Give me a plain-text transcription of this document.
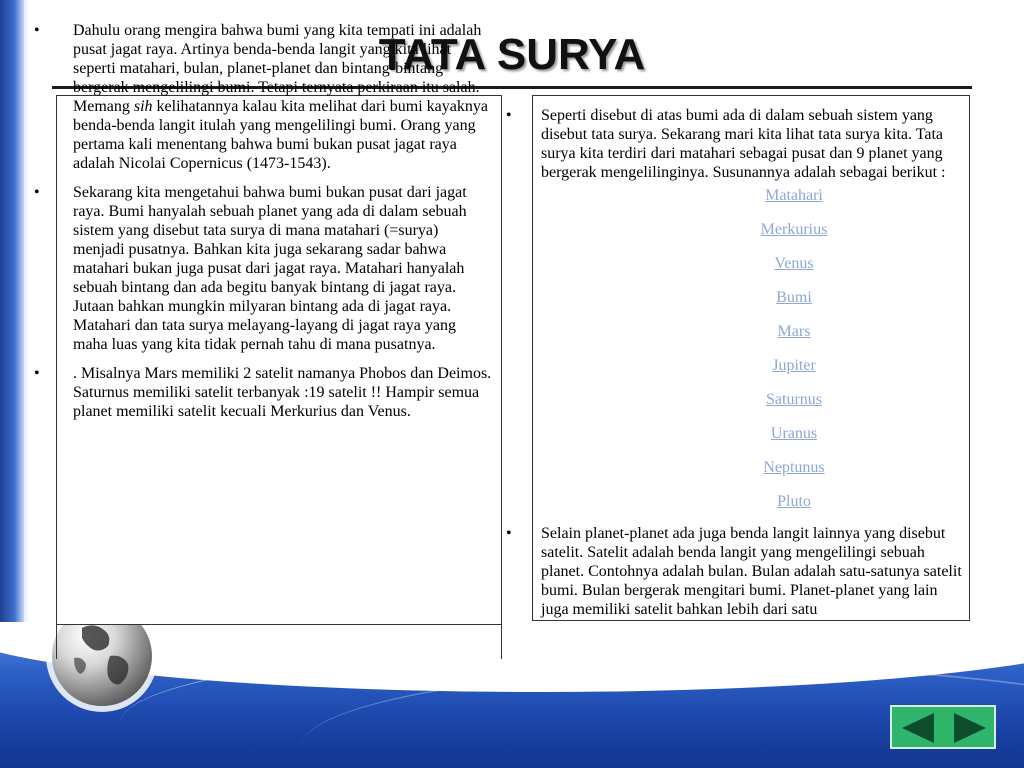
TATA SURYA
• Dahulu orang mengira bahwa bumi yang kita tempati ini adalah pusat jagat raya. Artinya benda-benda langit yang kita lihat seperti matahari, bulan, planet-planet dan bintang-bintang bergerak mengelilingi bumi. Tetapi ternyata perkiraan itu salah. Memang sih kelihatannya kalau kita melihat dari bumi kayaknya benda-benda langit itulah yang mengelilingi bumi. Orang yang pertama kali menentang bahwa bumi bukan pusat jagat raya adalah Nicolai Copernicus (1473-1543).
• Sekarang kita mengetahui bahwa bumi bukan pusat dari jagat raya. Bumi hanyalah sebuah planet yang ada di dalam sebuah sistem yang disebut tata surya di mana matahari (=surya) menjadi pusatnya. Bahkan kita juga sekarang sadar bahwa matahari bukan juga pusat dari jagat raya. Matahari hanyalah sebuah bintang dan ada begitu banyak bintang di jagat raya. Jutaan bahkan mungkin milyaran bintang ada di jagat raya. Matahari dan tata surya melayang-layang di jagat raya yang maha luas yang kita tidak pernah tahu di mana pusatnya.
• . Misalnya Mars memiliki 2 satelit namanya Phobos dan Deimos. Saturnus memiliki satelit terbanyak :19 satelit !! Hampir semua planet memiliki satelit kecuali Merkurius dan Venus.
• Seperti disebut di atas bumi ada di dalam sebuah sistem yang disebut tata surya. Sekarang mari kita lihat tata surya kita. Tata surya kita terdiri dari matahari sebagai pusat dan 9 planet yang bergerak mengelilinginya. Susunannya adalah sebagai berikut :
Matahari
Merkurius
Venus
Bumi
Mars
Jupiter
Saturnus
Uranus
Neptunus
Pluto
• Selain planet-planet ada juga benda langit lainnya yang disebut satelit. Satelit adalah benda langit yang mengelilingi sebuah planet. Contohnya adalah bulan. Bulan adalah satu-satunya satelit bumi. Bulan bergerak mengitari bumi. Planet-planet yang lain juga memiliki satelit bahkan lebih dari satu
